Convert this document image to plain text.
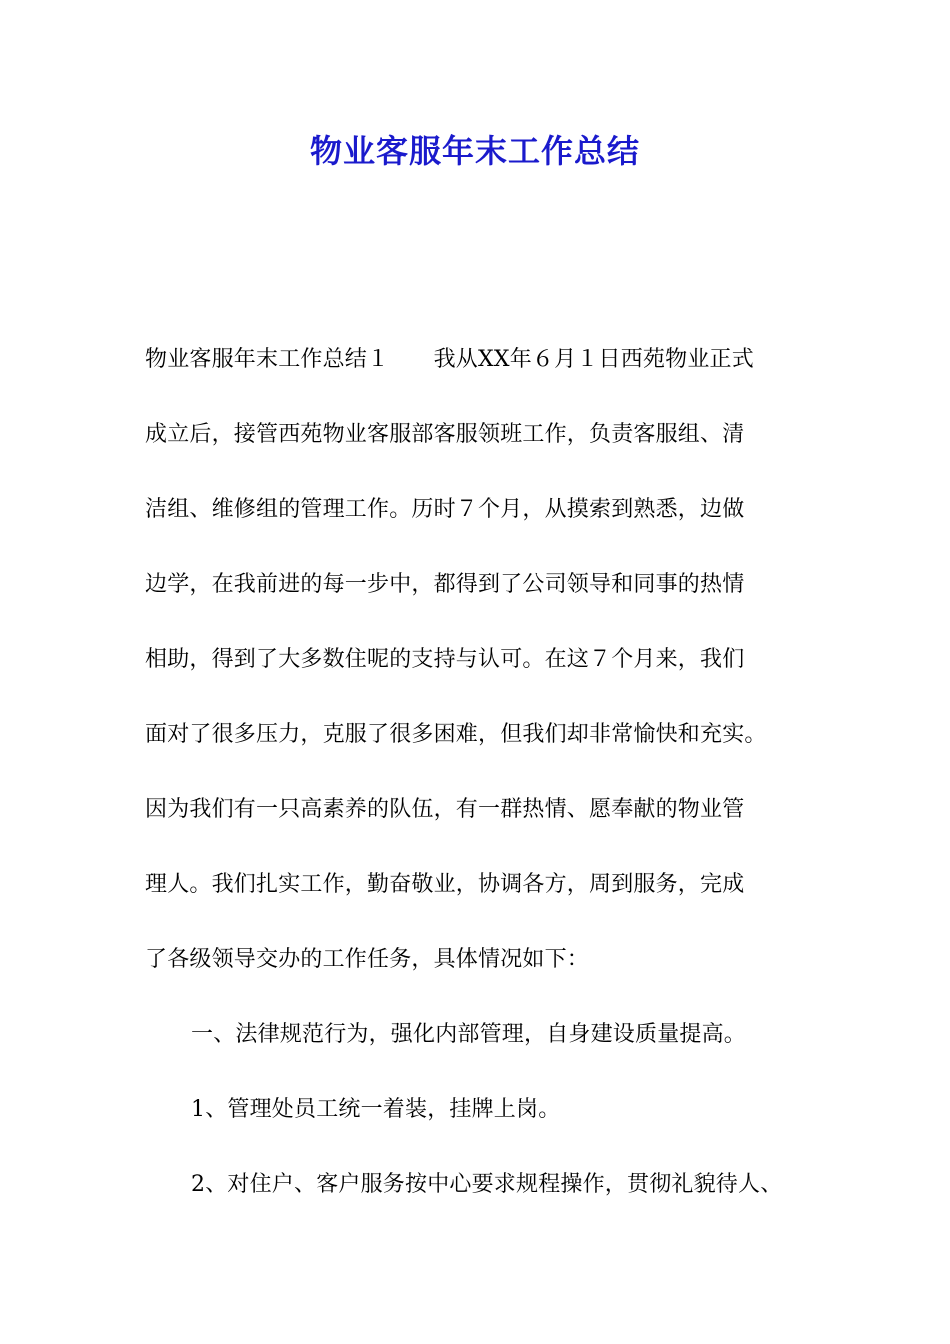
物业客服年末工作总结
物业客服年末工作总结１　　我从XX年６月１日西苑物业正式
成立后，接管西苑物业客服部客服领班工作，负责客服组、清
洁组、维修组的管理工作。历时７个月，从摸索到熟悉，边做
边学，在我前进的每一步中，都得到了公司领导和同事的热情
相助，得到了大多数住呢的支持与认可。在这７个月来，我们
面对了很多压力，克服了很多困难，但我们却非常愉快和充实。
因为我们有一只高素养的队伍，有一群热情、愿奉献的物业管
理人。我们扎实工作，勤奋敬业，协调各方，周到服务，完成
了各级领导交办的工作任务，具体情况如下：
一、法律规范行为，强化内部管理，自身建设质量提高。
1、管理处员工统一着装，挂牌上岗。
2、对住户、客户服务按中心要求规程操作，贯彻礼貌待人、
